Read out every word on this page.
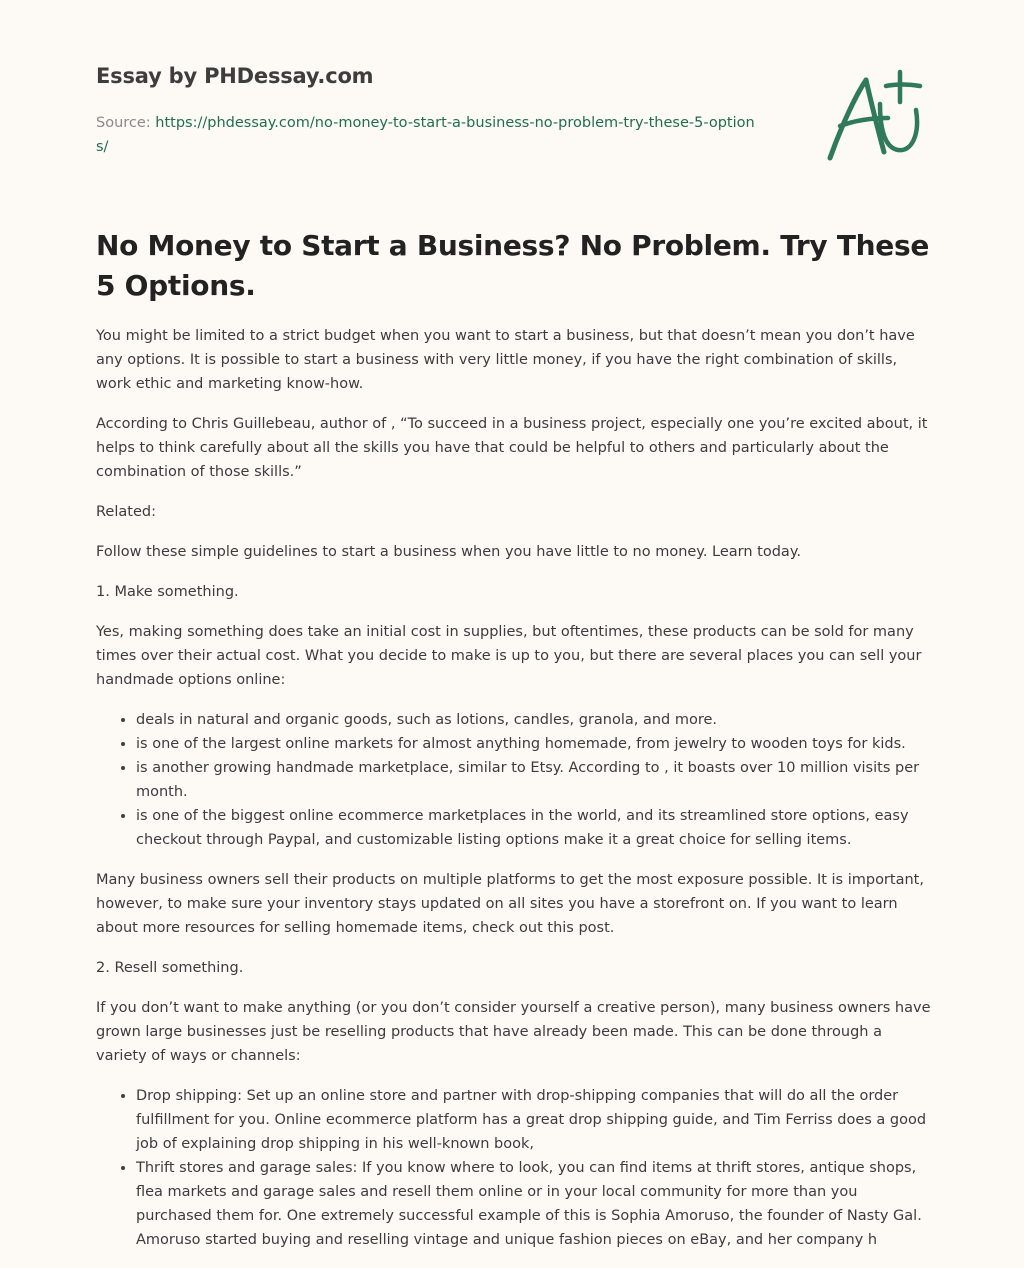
Essay by PHDessay.com
Source: https://phdessay.com/no-money-to-start-a-business-no-problem-try-these-5-options/
No Money to Start a Business? No Problem. Try These 5 Options.

You might be limited to a strict budget when you want to start a business, but that doesn’t mean you don’t have any options. It is possible to start a business with very little money, if you have the right combination of skills, work ethic and marketing know-how.

According to Chris Guillebeau, author of , “To succeed in a business project, especially one you’re excited about, it helps to think carefully about all the skills you have that could be helpful to others and particularly about the combination of those skills.”

Related:

Follow these simple guidelines to start a business when you have little to no money. Learn today.

1. Make something.

Yes, making something does take an initial cost in supplies, but oftentimes, these products can be sold for many times over their actual cost. What you decide to make is up to you, but there are several places you can sell your handmade options online:

• deals in natural and organic goods, such as lotions, candles, granola, and more.
• is one of the largest online markets for almost anything homemade, from jewelry to wooden toys for kids.
• is another growing handmade marketplace, similar to Etsy. According to , it boasts over 10 million visits per month.
• is one of the biggest online ecommerce marketplaces in the world, and its streamlined store options, easy checkout through Paypal, and customizable listing options make it a great choice for selling items.

Many business owners sell their products on multiple platforms to get the most exposure possible. It is important, however, to make sure your inventory stays updated on all sites you have a storefront on. If you want to learn about more resources for selling homemade items, check out this post.

2. Resell something.

If you don’t want to make anything (or you don’t consider yourself a creative person), many business owners have grown large businesses just be reselling products that have already been made. This can be done through a variety of ways or channels:

• Drop shipping: Set up an online store and partner with drop-shipping companies that will do all the order fulfillment for you. Online ecommerce platform has a great drop shipping guide, and Tim Ferriss does a good job of explaining drop shipping in his well-known book,
• Thrift stores and garage sales: If you know where to look, you can find items at thrift stores, antique shops, flea markets and garage sales and resell them online or in your local community for more than you purchased them for. One extremely successful example of this is Sophia Amoruso, the founder of Nasty Gal. Amoruso started buying and reselling vintage and unique fashion pieces on eBay, and her company h
